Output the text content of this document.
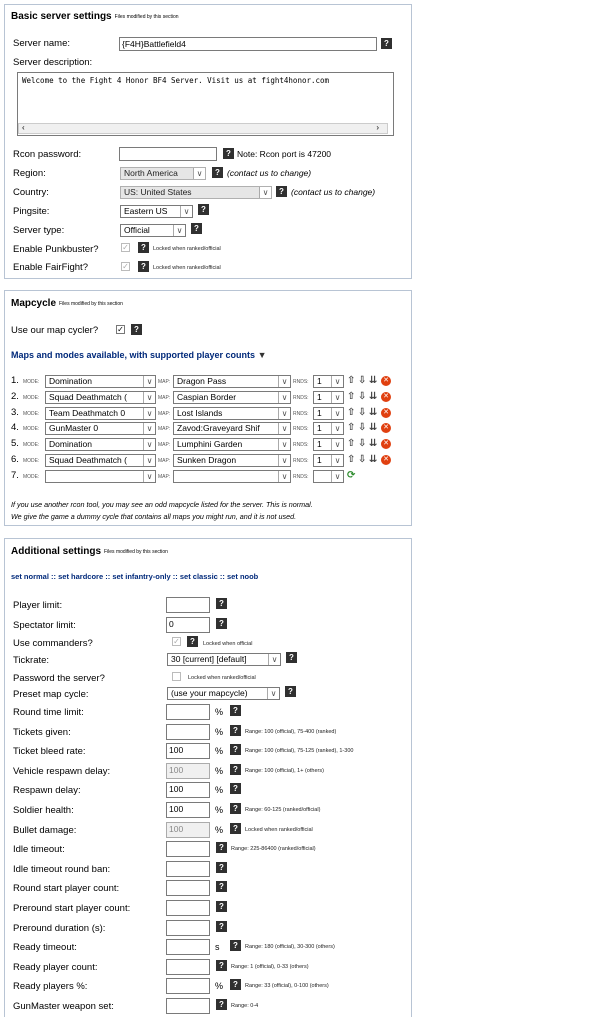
Basic server settings Files modified by this section
Server name:	{F4H}Battlefield4	?
Server description:
Welcome to the Fight 4 Honor BF4 Server. Visit us at fight4honor.com
‹	›
Rcon password:	? Note: Rcon port is 47200
Region:	North America ∨	? (contact us to change)
Country:	US: United States ∨	? (contact us to change)
Pingsite:	Eastern US ∨	?
Server type:	Official ∨	?
Enable Punkbuster?	✓	?	Locked when ranked/official
Enable FairFight?	✓	?	Locked when ranked/official
Mapcycle Files modified by this section
Use our map cycler? ✓	?
Maps and modes available, with supported player counts ▼
1. MODE:	Domination ∨	MAP: Dragon Pass ∨	RNDS: 1 ∨	⇧ ⇩ ⇊ ✕
2. MODE:	Squad Deathmatch ( ∨	MAP: Caspian Border ∨	RNDS: 1 ∨	⇧ ⇩ ⇊ ✕
3. MODE:	Team Deathmatch 0 ∨	MAP: Lost Islands ∨	RNDS: 1 ∨	⇧ ⇩ ⇊ ✕
4. MODE:	GunMaster 0 ∨	MAP: Zavod:Graveyard Shif ∨	RNDS: 1 ∨	⇧ ⇩ ⇊ ✕
5. MODE:	Domination ∨	MAP: Lumphini Garden ∨	RNDS: 1 ∨	⇧ ⇩ ⇊ ✕
6. MODE:	Squad Deathmatch ( ∨	MAP: Sunken Dragon ∨	RNDS: 1 ∨	⇧ ⇩ ⇊ ✕
7. MODE: ∨	MAP: ∨	RNDS: ∨	⟳
If you use another rcon tool, you may see an odd mapcycle listed for the server. This is normal.
We give the game a dummy cycle that contains all maps you might run, and it is not used.
Additional settings Files modified by this section
set normal :: set hardcore :: set infantry-only :: set classic :: set noob
Player limit:	?
Spectator limit:	0	?
Use commanders?	✓	?	Locked when official
Tickrate:	30 [current] [default] ∨	?
Password the server?	Locked when ranked/official
Preset map cycle:	(use your mapcycle) ∨	?
Round time limit:	%	?
Tickets given:	%	?	Range: 100 (official), 75-400 (ranked)
Ticket bleed rate:	100	%	?	Range: 100 (official), 75-125 (ranked), 1-300
Vehicle respawn delay:	100	%	?	Range: 100 (official), 1+ (others)
Respawn delay:	100	%	?
Soldier health:	100	%	?	Range: 60-125 (ranked/official)
Bullet damage:	100	%	?	Locked when ranked/official
Idle timeout:	?	Range: 225-86400 (ranked/official)
Idle timeout round ban:	?
Round start player count:	?
Preround start player count:	?
Preround duration (s):	?
Ready timeout:	s	?	Range: 180 (official), 30-300 (others)
Ready player count:	?	Range: 1 (official), 0-33 (others)
Ready players %:	%	?	Range: 33 (official), 0-100 (others)
GunMaster weapon set:	?	Range: 0-4
